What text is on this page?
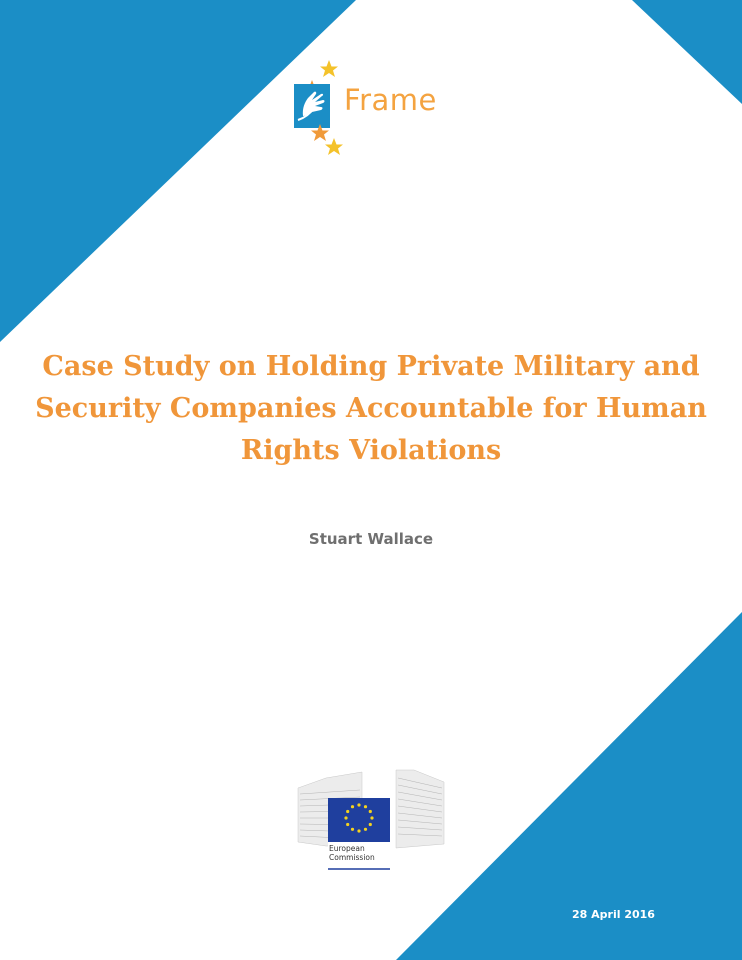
Frame
Case Study on Holding Private Military and
Security Companies Accountable for Human
Rights Violations
Stuart Wallace
European
Commission
28 April 2016
